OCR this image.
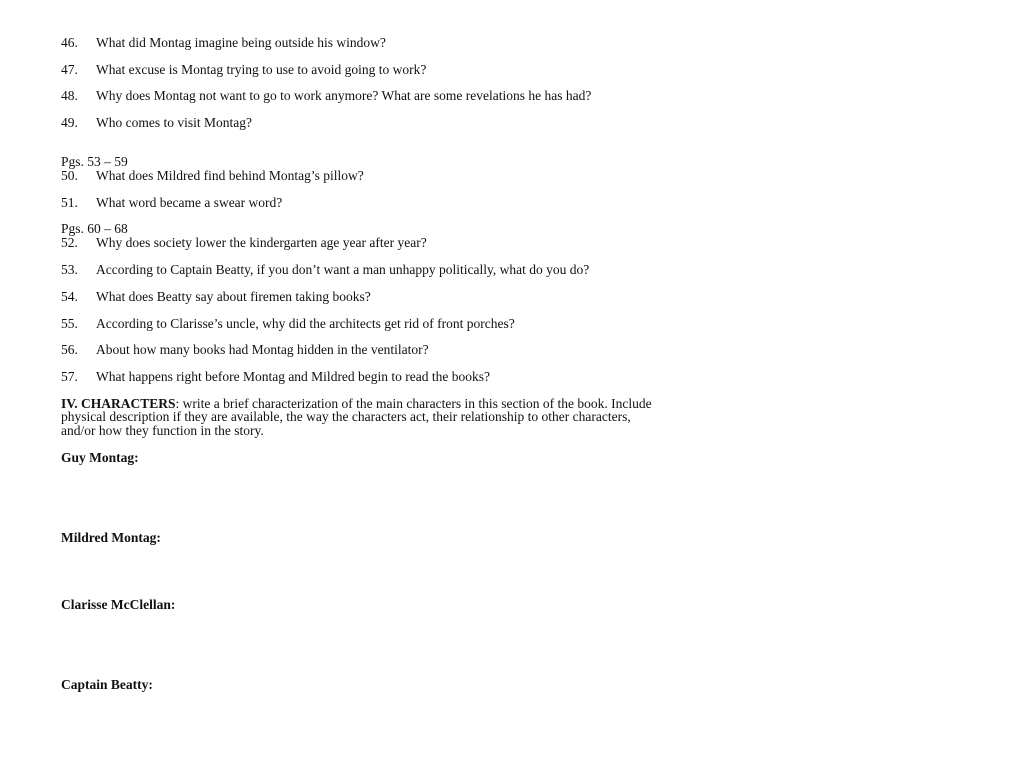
46. What did Montag imagine being outside his window?
47. What excuse is Montag trying to use to avoid going to work?
48. Why does Montag not want to go to work anymore? What are some revelations he has had?
49. Who comes to visit Montag?
Pgs. 53 – 59
50. What does Mildred find behind Montag’s pillow?
51. What word became a swear word?
Pgs. 60 – 68
52. Why does society lower the kindergarten age year after year?
53. According to Captain Beatty, if you don’t want a man unhappy politically, what do you do?
54. What does Beatty say about firemen taking books?
55. According to Clarisse’s uncle, why did the architects get rid of front porches?
56. About how many books had Montag hidden in the ventilator?
57. What happens right before Montag and Mildred begin to read the books?
IV. CHARACTERS: write a brief characterization of the main characters in this section of the book. Include
physical description if they are available, the way the characters act, their relationship to other characters,
and/or how they function in the story.
Guy Montag:
Mildred Montag:
Clarisse McClellan:
Captain Beatty:
